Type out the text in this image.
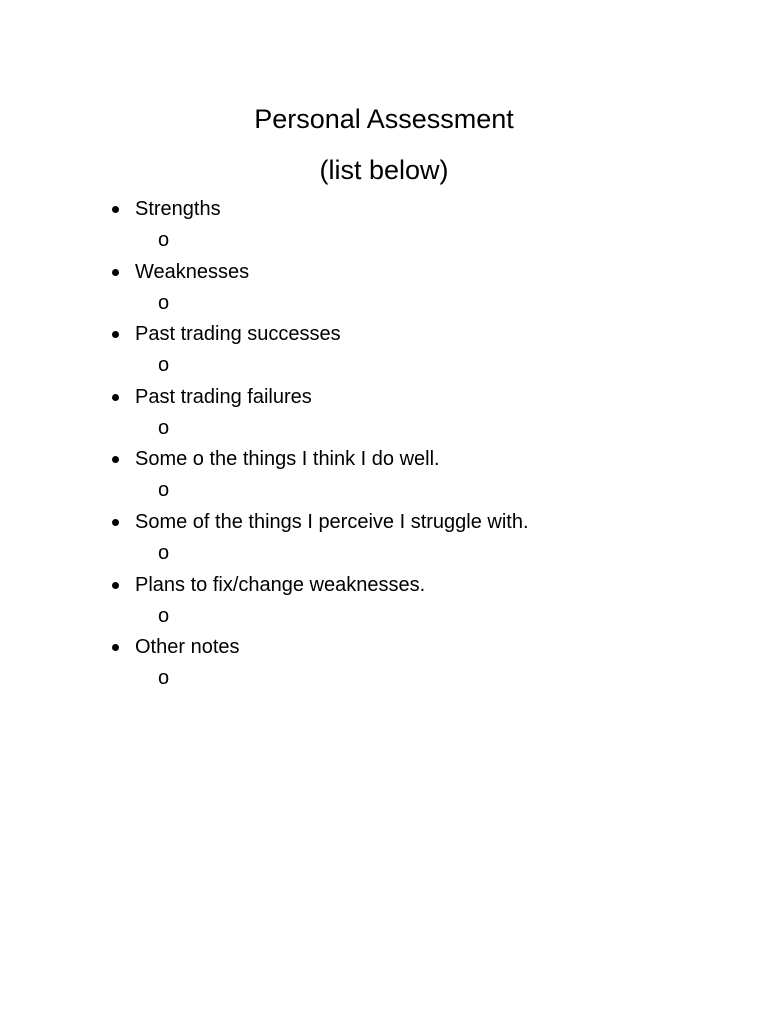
Personal Assessment
(list below)
Strengths
o
Weaknesses
o
Past trading successes
o
Past trading failures
o
Some o the things I think I do well.
o
Some of the things I perceive I struggle with.
o
Plans to fix/change weaknesses.
o
Other notes
o
